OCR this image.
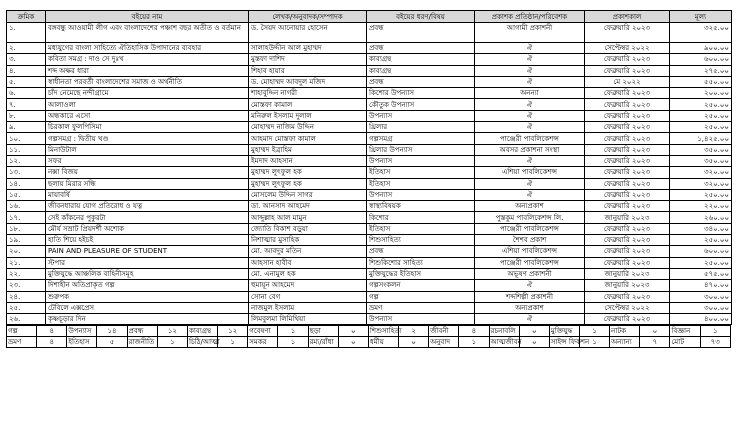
ক্রমিক	বইয়ের নাম	লেখক/অনুবাদক/সম্পাদক	বইয়ের ধরণ/বিষয়	প্রকাশক প্রতিষ্ঠান/পরিবেশক	প্রকাশকাল	মূল্য
১.	বঙ্গবন্ধু আওয়ামী লীগ এবং বাংলাদেশের পঞ্চাশ বছর অতীত ও বর্তমান	ড. সৈয়দ আনোয়ার হোসেন	প্রবন্ধ	আগামী প্রকাশনী	ফেব্রুয়ারি ২০২৩	৩২৫.০০
২.	মধ্যযুগের বাংলা সাহিত্যে ঐতিহাসিক উপাদানের ব্যবহার	সালাহউদ্দীন আল মুহাম্মদ	প্রবন্ধ	ঐ	সেপ্টেম্বর ২০২২	৯০০.০০
৩.	কবিতা সমগ্র : দাও সে দুঃখ	মুস্তফা দাশিদ	কাব্যগ্রন্থ	ঐ	ফেব্রুয়ারি ২০২৩	৬০০.০০
৪.	শব্দ অক্ষর ধারা	শিহাব হায়ার	কাব্যগ্রন্থ	ঐ	ফেব্রুয়ারি ২০২৩	২৭৫.০০
৫.	স্বাধীনতা পরবর্তী বাংলাদেশের সমাজ ও অর্থনীতি	ড. মোহাম্মদ আবদুল মজিদ	প্রবন্ধ	ঐ	মে ২০২২	৫৫০.০০
৬.	চাঁদ নেমেছে নন্দীগ্রামে	শাহাবুদ্দিন নাগরী	কিশোর উপন্যাস	অনন্যা	ফেব্রুয়ারি ২০২৩	২০০.০০
৭.	আলাওলা	মোস্তফা কামাল	কৌতুক উপন্যাস	ঐ	ফেব্রুয়ারি ২০২৩	২৫০.০০
৮.	অন্ধকারে এসো	মনিরুল ইসলাম দুলাল	উপন্যাস	ঐ	ফেব্রুয়ারি ২০২৩	২৫০.০০
৯.	চিরকাল ফুলপিসিমা	মোহাম্মদ নাজিম উদ্দিন	থ্রিলার	ঐ	ফেব্রুয়ারি ২০২৩	২৫০.০০
১০.	গল্পসমগ্র : দ্বিতীয় খণ্ড	আহমাদ মোস্তফা কামাল	গল্পসমগ্র	পাঞ্জেরী পাবলিকেশন্স	ফেব্রুয়ারি ২০২৩	১,৪২৫.০০
১১.	মিনাউটাল	মুহাম্মদ ইব্রাহিম	থ্রিলার উপন্যাস	অবসর প্রকাশনা সংস্থা	ফেব্রুয়ারি ২০২৩	৩৫০.০০
১২.	সফর	ইমদাদ আহসান	উপন্যাস	ঐ	ফেব্রুয়ারি ২০২৩	৩৫০.০০
১৩.	নক্সা বিজয়	মুহাম্মদ লুৎফুল হক	ইতিহাস	এশিয়া পাবলিকেশন্স	ফেব্রুয়ারি ২০২৩	৩২০.০০
১৪.	ছলায় মিরার সন্ধি	মুহাম্মদ লুৎফুল হক	ইতিহাস	ঐ	ফেব্রুয়ারি ২০২৩	৩২০.০০
১৫.	মায়াবর্ষি	মোসলেম উদ্দিন সাগর	উপন্যাস	ঐ	ফেব্রুয়ারি ২০২৩	২৫০.০০
১৬.	জীবনধারায় যোগ প্রতিরোধ ও যত্ন	ডা. আনসাদ আহমেদ	স্বাস্থ্যবিষয়ক	অন্যপ্রকাশ	ফেব্রুয়ারি ২০২৩	২২০.০০
১৭.	সেই কাঁকনের পুকুরটা	আব্দুল্লাহ আল মামুন	কিশোর	পুস্তকুম পাবলিকেশন্স লি.	জানুয়ারি ২০২৩	২৬০.০০
১৮.	মৌর্য সম্রাট প্রিয়দর্শী অশোক	জ্যোতি বিকাশ বড়ুয়া	ইতিহাস	পাঞ্জেরী পাবলিকেশন্স	ফেব্রুয়ারি ২০২৩	৩৪০.০০
১৯.	হাতি শিয়ে হইচই	নিশাত্মার মুসাহিক	শিশুসাহিত্য	শৈশব প্রকাশ	ফেব্রুয়ারি ২০২৩	২৫০.০০
২০.	PAIN AND PLEASURE OF STUDENT	মো. আবদুর মতিন	প্রবন্ধ	এশিয়া পাবলিকেশন্স	ফেব্রুয়ারি ২০২৩	৬০০.০০
২১.	স্টপার	আহসান হাবীব	শিশুকিশোর সাহিত্য	পাঞ্জেরী পাবলিকেশন্স	ফেব্রুয়ারি ২০২৩	২৫০.০০
২২.	মুক্তিযুদ্ধে আঞ্চলিক বাহিনীসমূহ	মো. এনামুল হক	মুক্তিযুদ্ধের ইতিহাস	অভূষণ প্রকাশনী	জানুয়ারি ২০২৩	৫৭৫.০০
২৩.	দিশাহীন অতিপ্রাকৃত গল্প	হুমায়ূন আহমেদ	গল্পসংকলন	ঐ	জানুয়ারি ২০২৩	৪৭০.০০
২৪.	শুরুপক	সোনা বেগ	গল্প	শব্দশিল্পী প্রকাশনী	ফেব্রুয়ারি ২০২৩	৩০০.০০
২৫.	টেবিলে এক্সপ্রেস	নাজমুল ইসলাম	ভ্রমণ	অন্যপ্রকাশ	সেপ্টেম্বর ২০২২	৩০০.০০
২৬.	কৃষ্ণচূড়ার দিন	লিমবুলমা লিমিথিয়া	উপন্যাস	ঐ	ফেব্রুয়ারি ২০২৩	৪০০.০০
গল্প	৪	উপন্যাস	১৪	প্রবন্ধ	১২	কাব্যগ্রন্থ	১২	গবেষণা	১	ছড়া	০	শিশুসাহিত্য	২	জীবনী	৪	রচনাবলি	০	মুক্তিযুদ্ধ	১	নাটক	০	বিজ্ঞান	১
ভ্রমণ	৪	ইতিহাস	৫	রাজনীতি	১	চিঠি/আত্মা	১	সমকর	১	রম্য/রাঁধা	০	ধর্মীয়	০	অনুবাদ	১	আত্মজীবন	০	সাইন্স ফিকশন	১	অন্যান্য	৭	মোট	৭৩
